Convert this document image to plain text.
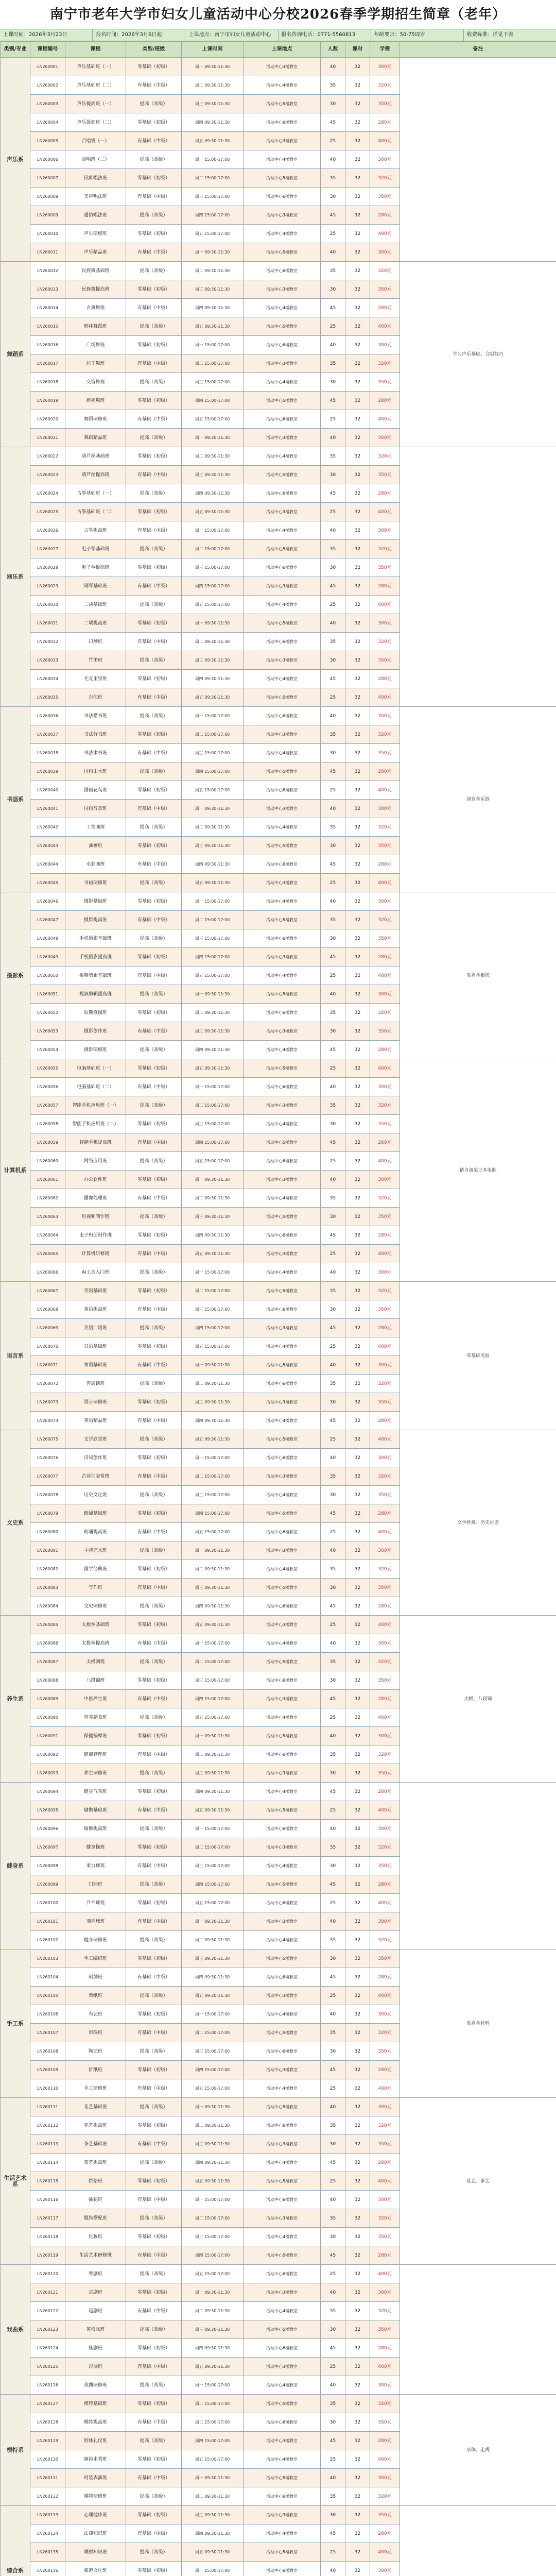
南宁市老年大学市妇女儿童活动中心分校2026春季学期招生简章（老年）
上课时间：2026年3月23日	报名时间：2026年3月6日起	上课地点：南宁市妇女儿童活动中心	报名咨询电话：0771-5560813	年龄要求：50-75周岁	收费标准：详见下表
类别/专业	课程编号	课程	类型/班级	上课时间	上课地点	人数	课时	学费	备注
声乐系	LN260001	声乐基础班（一）	零基础（初级）	周一 09:30-11:30	活动中心3楼教室	40	32	300元	
	LN260002	声乐基础班（二）	有基础（中级）	周二 09:30-11:30	活动中心4楼教室	35	32	320元	
	LN260003	声乐提高班（一）	提高（高级）	周三 09:30-11:30	活动中心5楼教室	30	32	350元	
	LN260004	声乐提高班（二）	零基础（初级）	周四 09:30-11:30	活动中心6楼教室	45	32	280元	
	LN260005	合唱班（一）	有基础（中级）	周五 09:30-11:30	活动中心3楼教室	25	32	400元	
	LN260006	合唱班（二）	提高（高级）	周一 15:00-17:00	活动中心4楼教室	40	32	300元	
	LN260007	民族唱法班	零基础（初级）	周二 15:00-17:00	活动中心5楼教室	35	32	320元	
	LN260008	美声唱法班	有基础（中级）	周三 15:00-17:00	活动中心6楼教室	30	32	350元	
	LN260009	通俗唱法班	提高（高级）	周四 15:00-17:00	活动中心3楼教室	45	32	280元	
	LN260010	声乐研修班	零基础（初级）	周五 15:00-17:00	活动中心4楼教室	25	32	400元	
	LN260011	声乐精品班	有基础（中级）	周一 09:30-11:30	活动中心5楼教室	40	32	300元	
舞蹈系	LN260012	民族舞基础班	提高（高级）	周二 09:30-11:30	活动中心6楼教室	35	32	320元	学习声乐基础、合唱技巧
	LN260013	民族舞提高班	零基础（初级）	周三 09:30-11:30	活动中心3楼教室	30	32	350元	
	LN260014	古典舞班	有基础（中级）	周四 09:30-11:30	活动中心4楼教室	45	32	280元	
	LN260015	形体舞蹈班	提高（高级）	周五 09:30-11:30	活动中心5楼教室	25	32	400元	
	LN260016	广场舞班	零基础（初级）	周一 15:00-17:00	活动中心6楼教室	40	32	300元	
	LN260017	拉丁舞班	有基础（中级）	周二 15:00-17:00	活动中心3楼教室	35	32	320元	
	LN260018	交谊舞班	提高（高级）	周三 15:00-17:00	活动中心4楼教室	30	32	350元	
	LN260019	旗袍舞班	零基础（初级）	周四 15:00-17:00	活动中心5楼教室	45	32	280元	
	LN260020	舞蹈研修班	有基础（中级）	周五 15:00-17:00	活动中心6楼教室	25	32	400元	
	LN260021	舞蹈精品班	提高（高级）	周一 09:30-11:30	活动中心3楼教室	40	32	300元	
器乐系	LN260022	葫芦丝基础班	零基础（初级）	周二 09:30-11:30	活动中心4楼教室	35	32	320元	
	LN260023	葫芦丝提高班	有基础（中级）	周三 09:30-11:30	活动中心5楼教室	30	32	350元	
	LN260024	古筝基础班（一）	提高（高级）	周四 09:30-11:30	活动中心6楼教室	45	32	280元	
	LN260025	古筝基础班（二）	零基础（初级）	周五 09:30-11:30	活动中心3楼教室	25	32	400元	
	LN260026	古筝提高班	有基础（中级）	周一 15:00-17:00	活动中心4楼教室	40	32	300元	
	LN260027	电子琴基础班	提高（高级）	周二 15:00-17:00	活动中心5楼教室	35	32	320元	
	LN260028	电子琴提高班	零基础（初级）	周三 15:00-17:00	活动中心6楼教室	30	32	350元	
	LN260029	钢琴基础班	有基础（中级）	周四 15:00-17:00	活动中心3楼教室	45	32	280元	
	LN260030	二胡基础班	提高（高级）	周五 15:00-17:00	活动中心4楼教室	25	32	400元	
	LN260031	二胡提高班	零基础（初级）	周一 09:30-11:30	活动中心5楼教室	40	32	300元	
	LN260032	口琴班	有基础（中级）	周二 09:30-11:30	活动中心6楼教室	35	32	320元	
	LN260033	竹笛班	提高（高级）	周三 09:30-11:30	活动中心3楼教室	30	32	350元	
	LN260034	尤克里里班	零基础（初级）	周四 09:30-11:30	活动中心4楼教室	45	32	280元	
	LN260035	吉他班	有基础（中级）	周五 09:30-11:30	活动中心5楼教室	25	32	400元	
书画系	LN260036	书法楷书班	提高（高级）	周一 15:00-17:00	活动中心6楼教室	40	32	300元	请自备乐器
	LN260037	书法行书班	零基础（初级）	周二 15:00-17:00	活动中心3楼教室	35	32	320元	
	LN260038	书法隶书班	有基础（中级）	周三 15:00-17:00	活动中心4楼教室	30	32	350元	
	LN260039	国画山水班	提高（高级）	周四 15:00-17:00	活动中心5楼教室	45	32	280元	
	LN260040	国画花鸟班	零基础（初级）	周五 15:00-17:00	活动中心6楼教室	25	32	400元	
	LN260041	国画写意班	有基础（中级）	周一 09:30-11:30	活动中心3楼教室	40	32	300元	
	LN260042	工笔画班	提高（高级）	周二 09:30-11:30	活动中心4楼教室	35	32	320元	
	LN260043	油画班	零基础（初级）	周三 09:30-11:30	活动中心5楼教室	30	32	350元	
	LN260044	水彩画班	有基础（中级）	周四 09:30-11:30	活动中心6楼教室	45	32	280元	
	LN260045	书画研修班	提高（高级）	周五 09:30-11:30	活动中心3楼教室	25	32	400元	
摄影系	LN260046	摄影基础班	零基础（初级）	周一 15:00-17:00	活动中心4楼教室	40	32	300元	需自备相机
	LN260047	摄影提高班	有基础（中级）	周二 15:00-17:00	活动中心5楼教室	35	32	320元	
	LN260048	手机摄影基础班	提高（高级）	周三 15:00-17:00	活动中心6楼教室	30	32	350元	
	LN260049	手机摄影提高班	零基础（初级）	周四 15:00-17:00	活动中心3楼教室	45	32	280元	
	LN260050	视频剪辑基础班	有基础（中级）	周五 15:00-17:00	活动中心4楼教室	25	32	400元	
	LN260051	视频剪辑提高班	提高（高级）	周一 09:30-11:30	活动中心5楼教室	40	32	300元	
	LN260052	后期修图班	零基础（初级）	周二 09:30-11:30	活动中心6楼教室	35	32	320元	
	LN260053	摄影创作班	有基础（中级）	周三 09:30-11:30	活动中心3楼教室	30	32	350元	
	LN260054	摄影研修班	提高（高级）	周四 09:30-11:30	活动中心4楼教室	45	32	280元	
计算机系	LN260055	电脑基础班（一）	零基础（初级）	周五 09:30-11:30	活动中心5楼教室	25	32	400元	请自备笔记本电脑
	LN260056	电脑基础班（二）	有基础（中级）	周一 15:00-17:00	活动中心6楼教室	40	32	300元	
	LN260057	智能手机应用班（一）	提高（高级）	周二 15:00-17:00	活动中心3楼教室	35	32	320元	
	LN260058	智能手机应用班（二）	零基础（初级）	周三 15:00-17:00	活动中心4楼教室	30	32	350元	
	LN260059	智能手机提高班	有基础（中级）	周四 15:00-17:00	活动中心5楼教室	45	32	280元	
	LN260060	网络应用班	提高（高级）	周五 15:00-17:00	活动中心6楼教室	25	32	400元	
	LN260061	办公软件班	零基础（初级）	周一 09:30-11:30	活动中心3楼教室	40	32	300元	
	LN260062	图像处理班	有基础（中级）	周二 09:30-11:30	活动中心4楼教室	35	32	320元	
	LN260063	短视频制作班	提高（高级）	周三 09:30-11:30	活动中心5楼教室	30	32	350元	
	LN260064	电子相册制作班	零基础（初级）	周四 09:30-11:30	活动中心6楼教室	45	32	280元	
	LN260065	计算机研修班	有基础（中级）	周五 09:30-11:30	活动中心3楼教室	25	32	400元	
	LN260066	AI工具入门班	提高（高级）	周一 15:00-17:00	活动中心4楼教室	40	32	300元	
语言系	LN260067	英语基础班	零基础（初级）	周二 15:00-17:00	活动中心5楼教室	35	32	320元	零基础可报
	LN260068	英语提高班	有基础（中级）	周三 15:00-17:00	活动中心6楼教室	30	32	350元	
	LN260069	英语口语班	提高（高级）	周四 15:00-17:00	活动中心3楼教室	45	32	280元	
	LN260070	日语基础班	零基础（初级）	周五 15:00-17:00	活动中心4楼教室	25	32	400元	
	LN260071	粤语基础班	有基础（中级）	周一 09:30-11:30	活动中心5楼教室	40	32	300元	
	LN260072	普通话班	提高（高级）	周二 09:30-11:30	活动中心6楼教室	35	32	320元	
	LN260073	语言研修班	零基础（初级）	周三 09:30-11:30	活动中心3楼教室	30	32	350元	
	LN260074	英语精品班	有基础（中级）	周四 09:30-11:30	活动中心4楼教室	45	32	280元	
文史系	LN260075	文学欣赏班	提高（高级）	周五 09:30-11:30	活动中心5楼教室	25	32	400元	文学欣赏、历史讲座
	LN260076	诗词创作班	零基础（初级）	周一 15:00-17:00	活动中心6楼教室	40	32	300元	
	LN260077	古诗词鉴赏班	有基础（中级）	周二 15:00-17:00	活动中心3楼教室	35	32	320元	
	LN260078	历史文化班	提高（高级）	周三 15:00-17:00	活动中心4楼教室	30	32	350元	
	LN260079	朗诵基础班	零基础（初级）	周四 15:00-17:00	活动中心5楼教室	45	32	280元	
	LN260080	朗诵提高班	有基础（中级）	周五 15:00-17:00	活动中心6楼教室	25	32	400元	
	LN260081	主持艺术班	提高（高级）	周一 09:30-11:30	活动中心3楼教室	40	32	300元	
	LN260082	国学经典班	零基础（初级）	周二 09:30-11:30	活动中心4楼教室	35	32	320元	
	LN260083	写作班	有基础（中级）	周三 09:30-11:30	活动中心5楼教室	30	32	350元	
	LN260084	文史研修班	提高（高级）	周四 09:30-11:30	活动中心6楼教室	45	32	280元	
养生系	LN260085	太极拳基础班	零基础（初级）	周五 09:30-11:30	活动中心3楼教室	25	32	400元	太极、八段锦
	LN260086	太极拳提高班	有基础（中级）	周一 15:00-17:00	活动中心4楼教室	40	32	300元	
	LN260087	太极剑班	提高（高级）	周二 15:00-17:00	活动中心5楼教室	35	32	320元	
	LN260088	八段锦班	零基础（初级）	周三 15:00-17:00	活动中心6楼教室	30	32	350元	
	LN260089	中医养生班	有基础（中级）	周四 15:00-17:00	活动中心3楼教室	45	32	280元	
	LN260090	营养膳食班	提高（高级）	周五 15:00-17:00	活动中心4楼教室	25	32	400元	
	LN260091	保健按摩班	零基础（初级）	周一 09:30-11:30	活动中心5楼教室	40	32	300元	
	LN260092	健康管理班	有基础（中级）	周二 09:30-11:30	活动中心6楼教室	35	32	320元	
	LN260093	养生研修班	提高（高级）	周三 09:30-11:30	活动中心3楼教室	30	32	350元	
健身系	LN260094	健身气功班	零基础（初级）	周四 09:30-11:30	活动中心4楼教室	45	32	280元	
	LN260095	瑜伽基础班	有基础（中级）	周五 09:30-11:30	活动中心5楼教室	25	32	400元	
	LN260096	瑜伽提高班	提高（高级）	周一 15:00-17:00	活动中心6楼教室	40	32	300元	
	LN260097	健身操班	零基础（初级）	周二 15:00-17:00	活动中心3楼教室	35	32	320元	
	LN260098	柔力球班	有基础（中级）	周三 15:00-17:00	活动中心4楼教室	30	32	350元	
	LN260099	门球班	提高（高级）	周四 15:00-17:00	活动中心5楼教室	45	32	280元	
	LN260100	乒乓球班	零基础（初级）	周五 15:00-17:00	活动中心6楼教室	25	32	400元	
	LN260101	羽毛球班	有基础（中级）	周一 09:30-11:30	活动中心3楼教室	40	32	300元	
	LN260102	健身研修班	提高（高级）	周二 09:30-11:30	活动中心4楼教室	35	32	320元	
手工系	LN260103	手工编织班	零基础（初级）	周三 09:30-11:30	活动中心5楼教室	30	32	350元	需自备材料
	LN260104	刺绣班	有基础（中级）	周四 09:30-11:30	活动中心6楼教室	45	32	280元	
	LN260105	剪纸班	提高（高级）	周五 09:30-11:30	活动中心3楼教室	25	32	400元	
	LN260106	布艺班	零基础（初级）	周一 15:00-17:00	活动中心4楼教室	40	32	300元	
	LN260107	串珠班	有基础（中级）	周二 15:00-17:00	活动中心5楼教室	35	32	320元	
	LN260108	陶艺班	提高（高级）	周三 15:00-17:00	活动中心6楼教室	30	32	350元	
	LN260109	折纸班	零基础（初级）	周四 15:00-17:00	活动中心3楼教室	45	32	280元	
	LN260110	手工研修班	有基础（中级）	周五 15:00-17:00	活动中心4楼教室	25	32	400元	
生活艺术系	LN260111	花艺基础班	提高（高级）	周一 09:30-11:30	活动中心5楼教室	40	32	300元	花艺、茶艺
	LN260112	花艺提高班	零基础（初级）	周二 09:30-11:30	活动中心6楼教室	35	32	320元	
	LN260113	茶艺基础班	有基础（中级）	周三 09:30-11:30	活动中心3楼教室	30	32	350元	
	LN260114	茶艺提高班	提高（高级）	周四 09:30-11:30	活动中心4楼教室	45	32	280元	
	LN260115	烘焙班	零基础（初级）	周五 09:30-11:30	活动中心5楼教室	25	32	400元	
	LN260116	插花班	有基础（中级）	周一 15:00-17:00	活动中心6楼教室	40	32	300元	
	LN260117	服饰搭配班	提高（高级）	周二 15:00-17:00	活动中心3楼教室	35	32	320元	
	LN260118	化妆班	零基础（初级）	周三 15:00-17:00	活动中心4楼教室	30	32	350元	
	LN260119	生活艺术研修班	有基础（中级）	周四 15:00-17:00	活动中心5楼教室	45	32	280元	
戏曲系	LN260120	粤剧班	提高（高级）	周五 15:00-17:00	活动中心6楼教室	25	32	400元	
	LN260121	京剧班	零基础（初级）	周一 09:30-11:30	活动中心3楼教室	40	32	300元	
	LN260122	越剧班	有基础（中级）	周二 09:30-11:30	活动中心4楼教室	35	32	320元	
	LN260123	黄梅戏班	提高（高级）	周三 09:30-11:30	活动中心5楼教室	30	32	350元	
	LN260124	桂剧班	零基础（初级）	周四 09:30-11:30	活动中心6楼教室	45	32	280元	
	LN260125	彩调班	有基础（中级）	周五 09:30-11:30	活动中心3楼教室	25	32	400元	
	LN260126	戏曲研修班	提高（高级）	周一 15:00-17:00	活动中心4楼教室	40	32	300元	
模特系	LN260127	模特基础班	零基础（初级）	周二 15:00-17:00	活动中心5楼教室	35	32	320元	形体、走秀
	LN260128	模特提高班	有基础（中级）	周三 15:00-17:00	活动中心6楼教室	30	32	350元	
	LN260129	形体礼仪班	提高（高级）	周四 15:00-17:00	活动中心3楼教室	45	32	280元	
	LN260130	旗袍走秀班	零基础（初级）	周五 15:00-17:00	活动中心4楼教室	25	32	400元	
	LN260131	时装表演班	有基础（中级）	周一 09:30-11:30	活动中心5楼教室	40	32	300元	
	LN260132	模特研修班	提高（高级）	周二 09:30-11:30	活动中心6楼教室	35	32	320元	
综合系	LN260133	心理健康班	零基础（初级）	周三 09:30-11:30	活动中心3楼教室	30	32	350元	
	LN260134	法律知识班	有基础（中级）	周四 09:30-11:30	活动中心4楼教室	45	32	280元	
	LN260135	理财知识班	提高（高级）	周五 09:30-11:30	活动中心5楼教室	25	32	400元	
	LN260136	旅游文化班	零基础（初级）	周一 15:00-17:00	活动中心6楼教室	40	32	300元	
